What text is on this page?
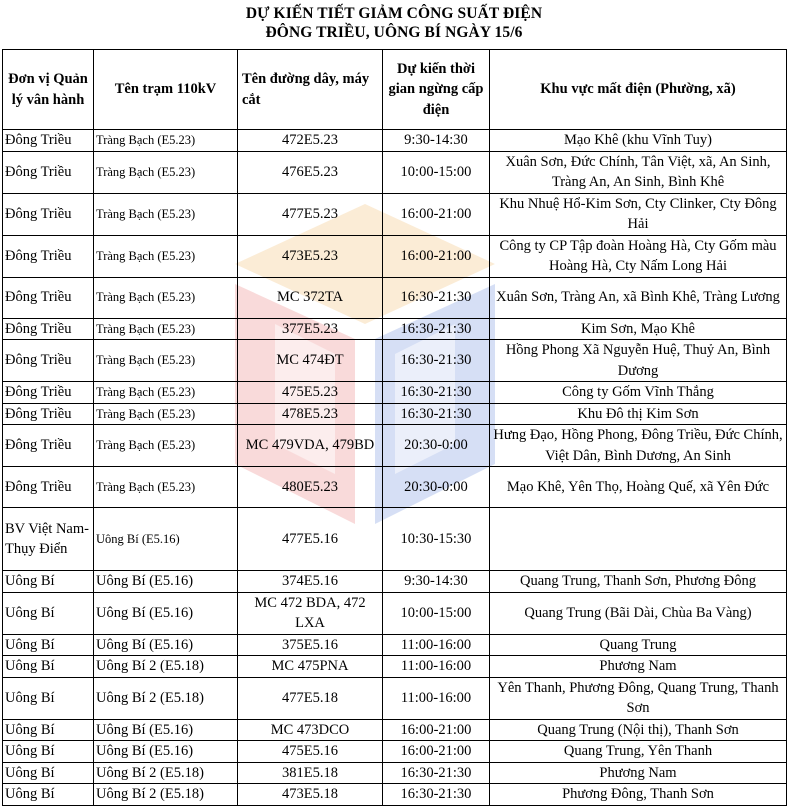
DỰ KIẾN TIẾT GIẢM CÔNG SUẤT ĐIỆN
ĐÔNG TRIỀU, UÔNG BÍ NGÀY 15/6
Đơn vị Quản lý vân hành	Tên trạm 110kV	Tên đường dây, máy cắt	Dự kiến thời gian ngừng cấp điện	Khu vực mất điện (Phường, xã)
Đông Triều	Tràng Bạch (E5.23)	472E5.23	9:30-14:30	Mạo Khê (khu Vĩnh Tuy)
Đông Triều	Tràng Bạch (E5.23)	476E5.23	10:00-15:00	Xuân Sơn, Đức Chính, Tân Việt, xã, An Sinh, Tràng An, An Sinh, Bình Khê
Đông Triều	Tràng Bạch (E5.23)	477E5.23	16:00-21:00	Khu Nhuệ Hổ-Kim Sơn, Cty Clinker, Cty Đông Hải
Đông Triều	Tràng Bạch (E5.23)	473E5.23	16:00-21:00	Công ty CP Tập đoàn Hoàng Hà, Cty Gốm màu Hoàng Hà, Cty Nấm Long Hải
Đông Triều	Tràng Bạch (E5.23)	MC 372TA	16:30-21:30	Xuân Sơn, Tràng An, xã Bình Khê, Tràng Lương
Đông Triều	Tràng Bạch (E5.23)	377E5.23	16:30-21:30	Kim Sơn, Mạo Khê
Đông Triều	Tràng Bạch (E5.23)	MC 474ĐT	16:30-21:30	Hồng Phong Xã Nguyễn Huệ, Thuỷ An, Bình Dương
Đông Triều	Tràng Bạch (E5.23)	475E5.23	16:30-21:30	Công ty Gốm Vĩnh Thắng
Đông Triều	Tràng Bạch (E5.23)	478E5.23	16:30-21:30	Khu Đô thị Kim Sơn
Đông Triều	Tràng Bạch (E5.23)	MC 479VDA, 479BD	20:30-0:00	Hưng Đạo, Hồng Phong, Đông Triều, Đức Chính, Việt Dân, Bình Dương, An Sinh
Đông Triều	Tràng Bạch (E5.23)	480E5.23	20:30-0:00	Mạo Khê, Yên Thọ, Hoàng Quế, xã Yên Đức
BV Việt Nam-Thụy Điển	Uông Bí (E5.16)	477E5.16	10:30-15:30	
Uông Bí	Uông Bí (E5.16)	374E5.16	9:30-14:30	Quang Trung, Thanh Sơn, Phương Đông
Uông Bí	Uông Bí (E5.16)	MC 472 BDA, 472 LXA	10:00-15:00	Quang Trung (Bãi Dài, Chùa Ba Vàng)
Uông Bí	Uông Bí (E5.16)	375E5.16	11:00-16:00	Quang Trung
Uông Bí	Uông Bí 2 (E5.18)	MC 475PNA	11:00-16:00	Phương Nam
Uông Bí	Uông Bí 2 (E5.18)	477E5.18	11:00-16:00	Yên Thanh, Phương Đông, Quang Trung, Thanh Sơn
Uông Bí	Uông Bí (E5.16)	MC 473DCO	16:00-21:00	Quang Trung (Nội thị), Thanh Sơn
Uông Bí	Uông Bí (E5.16)	475E5.16	16:00-21:00	Quang Trung, Yên Thanh
Uông Bí	Uông Bí 2 (E5.18)	381E5.18	16:30-21:30	Phương Nam
Uông Bí	Uông Bí 2 (E5.18)	473E5.18	16:30-21:30	Phương Đông, Thanh Sơn
